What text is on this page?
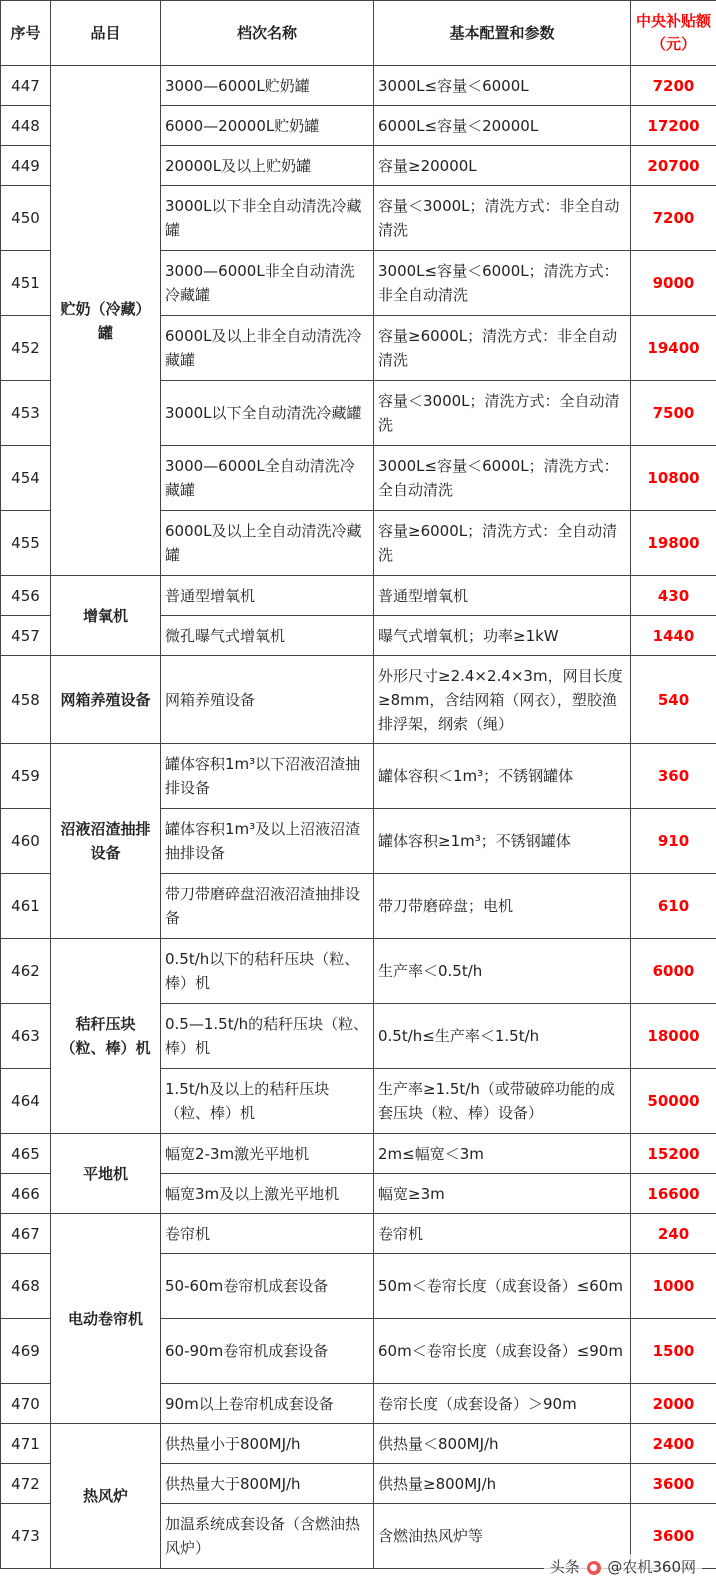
序号	品目	档次名称	基本配置和参数	中央补贴额（元）
447	贮奶（冷藏）罐	3000—6000L贮奶罐	3000L≤容量＜6000L	7200
448		6000—20000L贮奶罐	6000L≤容量＜20000L	17200
449		20000L及以上贮奶罐	容量≥20000L	20700
450		3000L以下非全自动清洗冷藏罐	容量＜3000L；清洗方式：非全自动清洗	7200
451		3000—6000L非全自动清洗冷藏罐	3000L≤容量＜6000L；清洗方式：非全自动清洗	9000
452		6000L及以上非全自动清洗冷藏罐	容量≥6000L；清洗方式：非全自动清洗	19400
453		3000L以下全自动清洗冷藏罐	容量＜3000L；清洗方式：全自动清洗	7500
454		3000—6000L全自动清洗冷藏罐	3000L≤容量＜6000L；清洗方式：全自动清洗	10800
455		6000L及以上全自动清洗冷藏罐	容量≥6000L；清洗方式：全自动清洗	19800
456	增氧机	普通型增氧机	普通型增氧机	430
457		微孔曝气式增氧机	曝气式增氧机；功率≥1kW	1440
458	网箱养殖设备	网箱养殖设备	外形尺寸≥2.4×2.4×3m，网目长度≥8mm，含结网箱（网衣），塑胶渔排浮架，纲索（绳）	540
459	沼液沼渣抽排设备	罐体容积1m³以下沼液沼渣抽排设备	罐体容积＜1m³；不锈钢罐体	360
460		罐体容积1m³及以上沼液沼渣抽排设备	罐体容积≥1m³；不锈钢罐体	910
461		带刀带磨碎盘沼液沼渣抽排设备	带刀带磨碎盘；电机	610
462	秸秆压块（粒、棒）机	0.5t/h以下的秸秆压块（粒、棒）机	生产率＜0.5t/h	6000
463		0.5—1.5t/h的秸秆压块（粒、棒）机	0.5t/h≤生产率＜1.5t/h	18000
464		1.5t/h及以上的秸秆压块（粒、棒）机	生产率≥1.5t/h（或带破碎功能的成套压块（粒、棒）设备）	50000
465	平地机	幅宽2-3m激光平地机	2m≤幅宽＜3m	15200
466		幅宽3m及以上激光平地机	幅宽≥3m	16600
467	电动卷帘机	卷帘机	卷帘机	240
468		50-60m卷帘机成套设备	50m＜卷帘长度（成套设备）≤60m	1000
469		60-90m卷帘机成套设备	60m＜卷帘长度（成套设备）≤90m	1500
470		90m以上卷帘机成套设备	卷帘长度（成套设备）＞90m	2000
471	热风炉	供热量小于800MJ/h	供热量＜800MJ/h	2400
472		供热量大于800MJ/h	供热量≥800MJ/h	3600
473		加温系统成套设备（含燃油热风炉）	含燃油热风炉等	3600
头条 ● @农机360网
